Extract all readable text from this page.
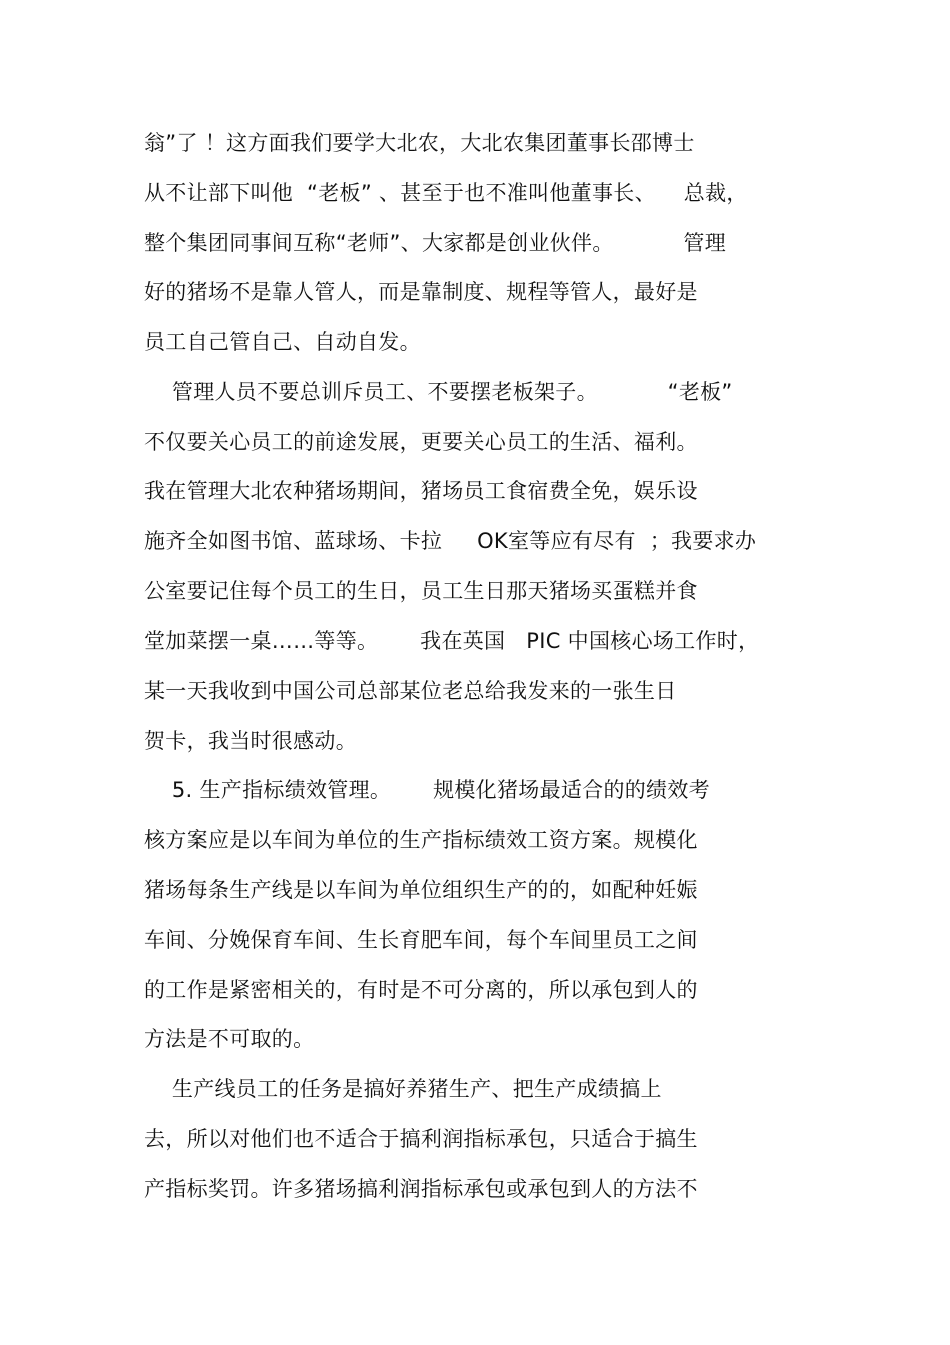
翁”了 ！这方面我们要学大北农，大北农集团董事长邵博士
从不让部下叫他  “老板” 、甚至于也不准叫他董事长、    总裁，
整个集团同事间互称“老师”、大家都是创业伙伴。          管理
好的猪场不是靠人管人，而是靠制度、规程等管人，最好是
员工自己管自己、自动自发。
管理人员不要总训斥员工、不要摆老板架子。          “老板”
不仅要关心员工的前途发展，更要关心员工的生活、福利。
我在管理大北农种猪场期间，猪场员工食宿费全免，娱乐设
施齐全如图书馆、蓝球场、卡拉     OK室等应有尽有  ；我要求办
公室要记住每个员工的生日，员工生日那天猪场买蛋糕并食
堂加菜摆一桌……等等。      我在英国   PIC 中国核心场工作时，
某一天我收到中国公司总部某位老总给我发来的一张生日
贺卡，我当时很感动。
5. 生产指标绩效管理。      规模化猪场最适合的的绩效考
核方案应是以车间为单位的生产指标绩效工资方案。规模化
猪场每条生产线是以车间为单位组织生产的的，如配种妊娠
车间、分娩保育车间、生长育肥车间，每个车间里员工之间
的工作是紧密相关的，有时是不可分离的，所以承包到人的
方法是不可取的。
生产线员工的任务是搞好养猪生产、把生产成绩搞上
去，所以对他们也不适合于搞利润指标承包，只适合于搞生
产指标奖罚。许多猪场搞利润指标承包或承包到人的方法不
